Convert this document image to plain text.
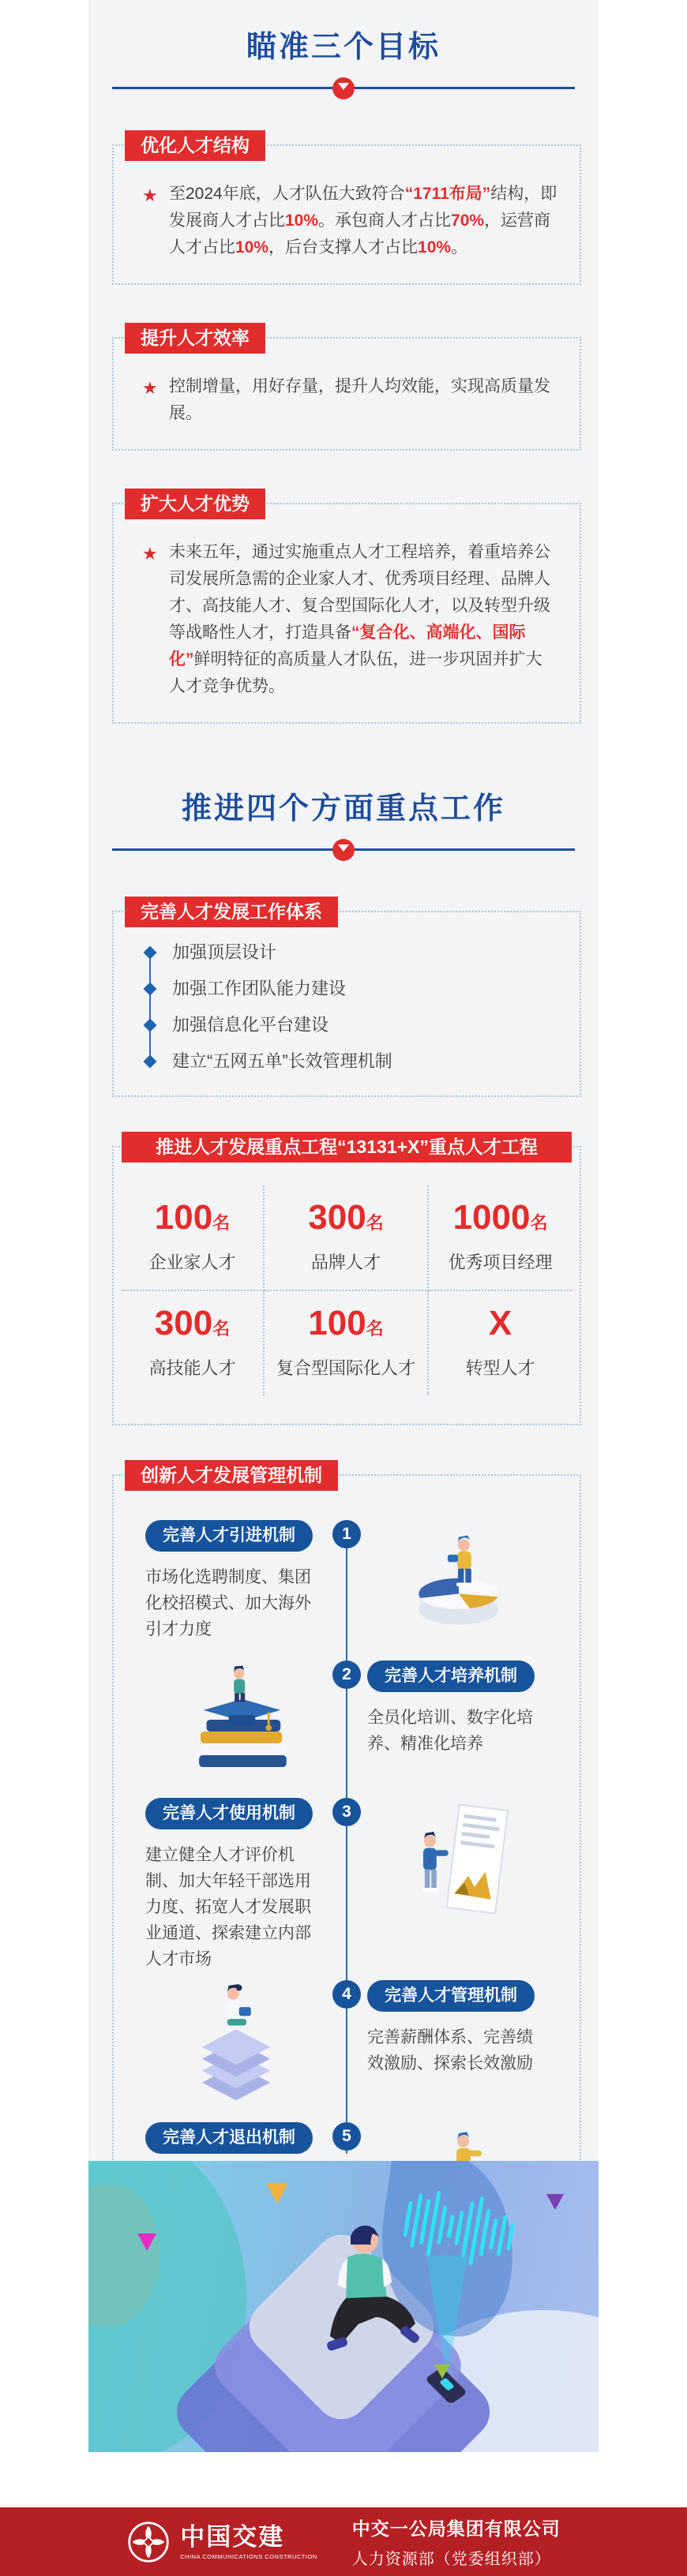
瞄准三个目标
优化人才结构
★ 至2024年底，人才队伍大致符合“1711布局”结构，即发展商人才占比10%。承包商人才占比70%，运营商人才占比10%，后台支撑人才占比10%。
提升人才效率
★ 控制增量，用好存量，提升人均效能，实现高质量发展。
扩大人才优势
★ 未来五年，通过实施重点人才工程培养，着重培养公司发展所急需的企业家人才、优秀项目经理、品牌人才、高技能人才、复合型国际化人才，以及转型升级等战略性人才，打造具备“复合化、高端化、国际化”鲜明特征的高质量人才队伍，进一步巩固并扩大人才竞争优势。
推进四个方面重点工作
完善人才发展工作体系
加强顶层设计
加强工作团队能力建设
加强信息化平台建设
建立“五网五单”长效管理机制
推进人才发展重点工程“13131+X”重点人才工程
100名
企业家人才
300名
品牌人才
1000名
优秀项目经理
300名
高技能人才
100名
复合型国际化人才
X
转型人才
创新人才发展管理机制
1
完善人才引进机制
市场化选聘制度、集团化校招模式、加大海外引才力度
2	完善人才培养机制
全员化培训、数字化培养、精准化培养
3
完善人才使用机制
建立健全人才评价机制、加大年轻干部选用力度、拓宽人才发展职业通道、探索建立内部人才市场
4	完善人才管理机制
完善薪酬体系、完善绩效激励、探索长效激励
5
完善人才退出机制
中国交建
CHINA COMMUNICATIONS CONSTRUCTION
中交一公局集团有限公司
人力资源部（党委组织部）
